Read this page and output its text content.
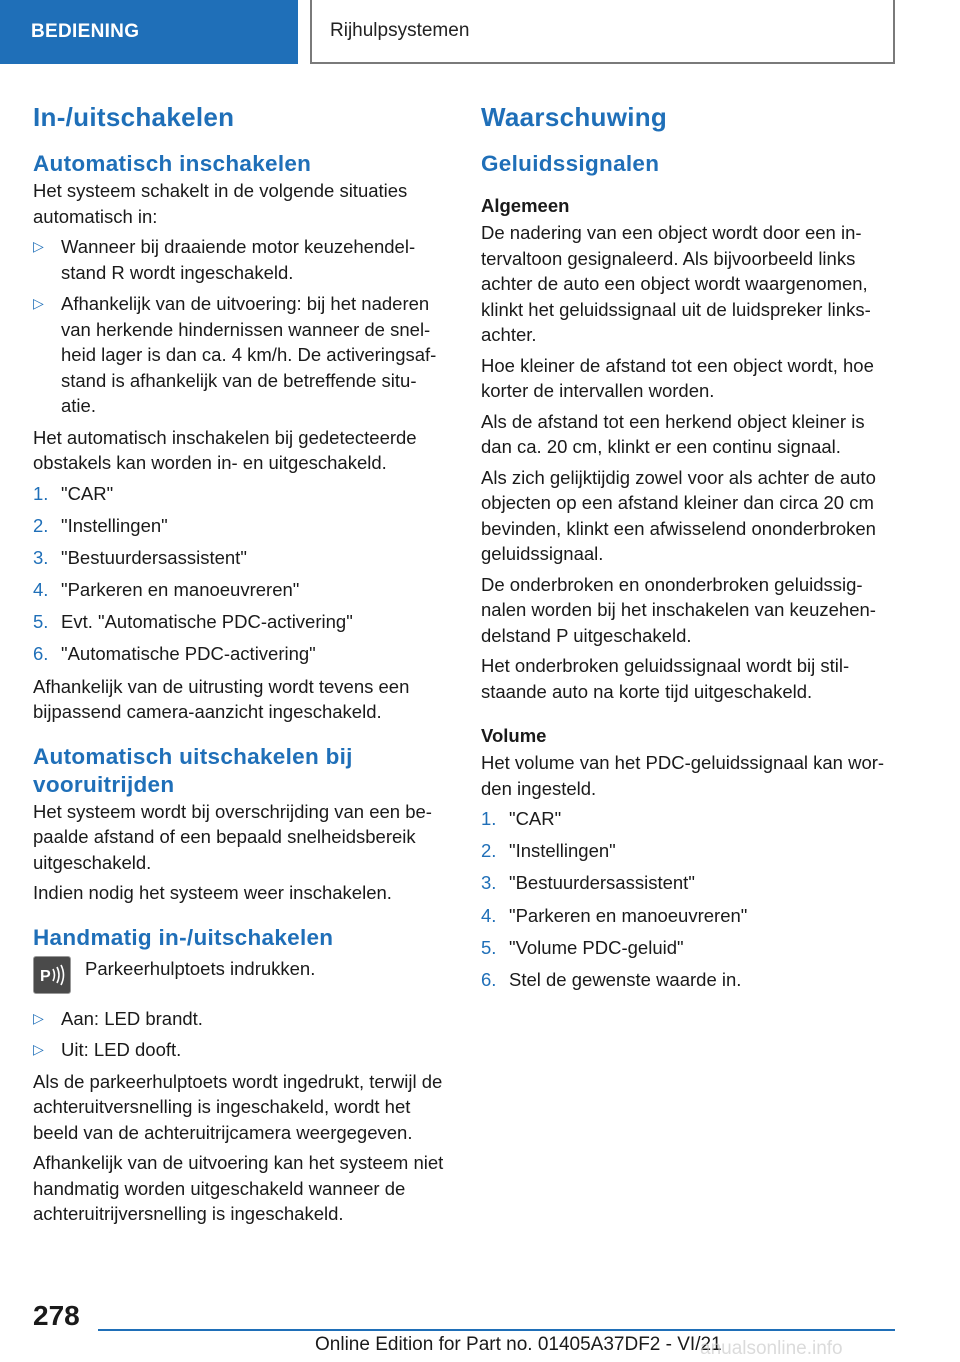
BEDIENING	Rijhulpsystemen
In-/uitschakelen
Automatisch inschakelen

Het systeem schakelt in de volgende situaties automatisch in:

▷ Wanneer bij draaiende motor keuzehendel- stand R wordt ingeschakeld.
▷ Afhankelijk van de uitvoering: bij het naderen van herkende hindernissen wanneer de snel- heid lager is dan ca. 4 km/h. De activeringsaf- stand is afhankelijk van de betreffende situ- atie.

Het automatisch inschakelen bij gedetecteerde obstakels kan worden in- en uitgeschakeld.

1. "CAR"
2. "Instellingen"
3. "Bestuurdersassistent"
4. "Parkeren en manoeuvreren"
5. Evt. "Automatische PDC-activering"
6. "Automatische PDC-activering"

Afhankelijk van de uitrusting wordt tevens een bijpassend camera-aanzicht ingeschakeld.

Automatisch uitschakelen bij vooruitrijden

Het systeem wordt bij overschrijding van een be- paalde afstand of een bepaald snelheidsbereik uitgeschakeld.

Indien nodig het systeem weer inschakelen.

Handmatig in-/uitschakelen
P Parkeerhulptoets indrukken.

▷ Aan: LED brandt.
▷ Uit: LED dooft.

Als de parkeerhulptoets wordt ingedrukt, terwijl de achteruitversnelling is ingeschakeld, wordt het beeld van de achteruitrijcamera weergegeven.

Afhankelijk van de uitvoering kan het systeem niet handmatig worden uitgeschakeld wanneer de achteruitrijversnelling is ingeschakeld.

Waarschuwing
Geluidssignalen
Algemeen

De nadering van een object wordt door een in- tervaltoon gesignaleerd. Als bijvoorbeeld links achter de auto een object wordt waargenomen, klinkt het geluidssignaal uit de luidspreker links- achter.

Hoe kleiner de afstand tot een object wordt, hoe korter de intervallen worden.

Als de afstand tot een herkend object kleiner is dan ca. 20 cm, klinkt er een continu signaal.

Als zich gelijktijdig zowel voor als achter de auto objecten op een afstand kleiner dan circa 20 cm bevinden, klinkt een afwisselend ononderbroken geluidssignaal.

De onderbroken en ononderbroken geluidssig- nalen worden bij het inschakelen van keuzehen- delstand P uitgeschakeld.

Het onderbroken geluidssignaal wordt bij stil- staande auto na korte tijd uitgeschakeld.

Volume

Het volume van het PDC-geluidssignaal kan wor- den ingesteld.

1. "CAR"
2. "Instellingen"
3. "Bestuurdersassistent"
4. "Parkeren en manoeuvreren"
5. "Volume PDC-geluid"
6. Stel de gewenste waarde in.
278
Online Edition for Part no. 01405A37DF2 - VI/21
anualsonline.info
